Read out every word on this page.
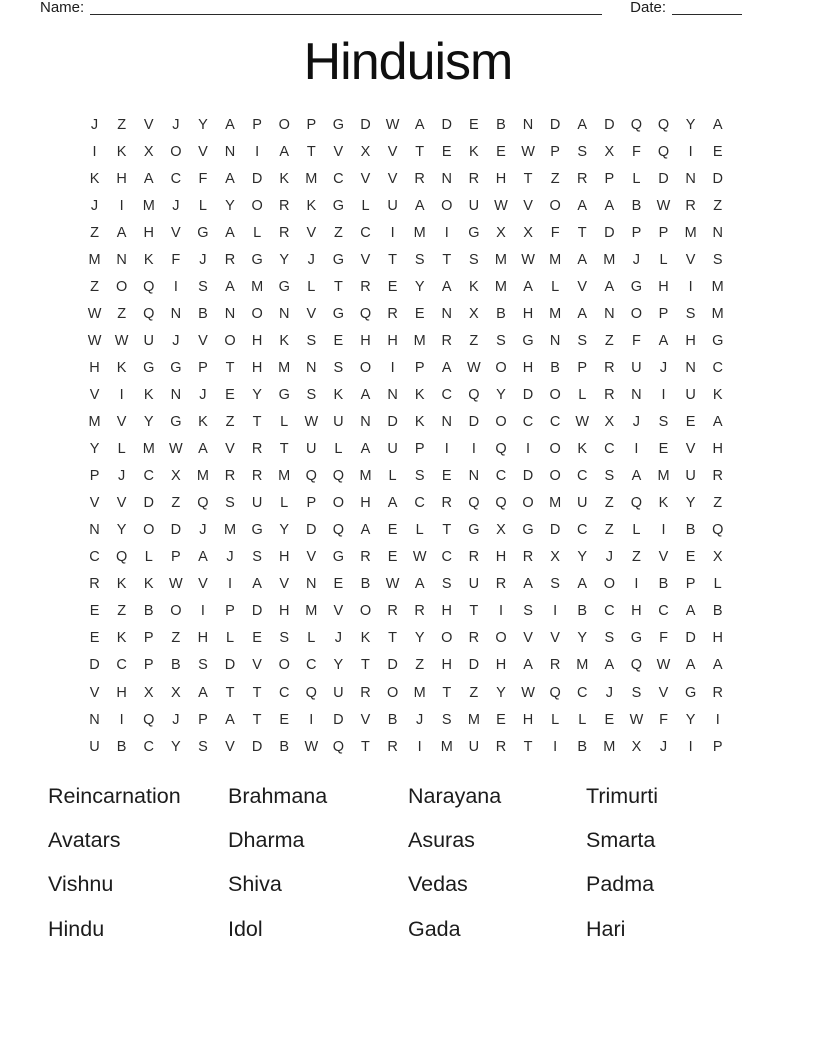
Name:	Date:
Hinduism
J	Z	V	J	Y	A	P	O	P	G	D	W	A	D	E	B	N	D	A	D	Q	Q	Y	A
I	K	X	O	V	N	I	A	T	V	X	V	T	E	K	E	W	P	S	X	F	Q	I	E
K	H	A	C	F	A	D	K	M	C	V	V	R	N	R	H	T	Z	R	P	L	D	N	D
J	I	M	J	L	Y	O	R	K	G	L	U	A	O	U	W	V	O	A	A	B	W	R	Z
Z	A	H	V	G	A	L	R	V	Z	C	I	M	I	G	X	X	F	T	D	P	P	M	N
M	N	K	F	J	R	G	Y	J	G	V	T	S	T	S	M W M	A	M	J	L	V	S
Z	O	Q	I	S	A	M	G	L	T	R	E	Y	A	K	M	A	L	V	A	G	H	I	M
W	Z	Q	N	B	N	O	N	V	G	Q	R	E	N	X	B	H	M	A	N	O	P	S	M
W W	U	J	V	O	H	K	S	E	H	H	M	R	Z	S	G	N	S	Z	F	A	H	G
H	K	G	G	P	T	H	M	N	S	O	I	P	A	W	O	H	B	P	R	U	J	N	C
V	I	K	N	J	E	Y	G	S	K	A	N	K	C	Q	Y	D	O	L	R	N	I	U	K
M	V	Y	G	K	Z	T	L	W	U	N	D	K	N	D	O	C	C	W	X	J	S	E	A
Y	L	M W	A	V	R	T	U	L	A	U	P	I	I	Q	I	O	K	C	I	E	V	H
P	J	C	X	M	R	R	M	Q	Q	M	L	S	E	N	C	D	O	C	S	A	M	U	R
V	V	D	Z	Q	S	U	L	P	O	H	A	C	R	Q	Q	O	M	U	Z	Q	K	Y	Z
N	Y	O	D	J	M	G	Y	D	Q	A	E	L	T	G	X	G	D	C	Z	L	I	B	Q
C	Q	L	P	A	J	S	H	V	G	R	E	W	C	R	H	R	X	Y	J	Z	V	E	X
R	K	K	W	V	I	A	V	N	E	B	W	A	S	U	R	A	S	A	O	I	B	P	L
E	Z	B	O	I	P	D	H	M	V	O	R	R	H	T	I	S	I	B	C	H	C	A	B
E	K	P	Z	H	L	E	S	L	J	K	T	Y	O	R	O	V	V	Y	S	G	F	D	H
D	C	P	B	S	D	V	O	C	Y	T	D	Z	H	D	H	A	R	M	A	Q	W	A	A
V	H	X	X	A	T	T	C	Q	U	R	O	M	T	Z	Y	W	Q	C	J	S	V	G	R
N	I	Q	J	P	A	T	E	I	D	V	B	J	S	M	E	H	L	L	E	W	F	Y	I
U	B	C	Y	S	V	D	B	W	Q	T	R	I	M	U	R	T	I	B	M	X	J	I	P
Reincarnation	Brahmana	Narayana	Trimurti
Avatars	Dharma	Asuras	Smarta
Vishnu	Shiva	Vedas	Padma
Hindu	Idol	Gada	Hari
